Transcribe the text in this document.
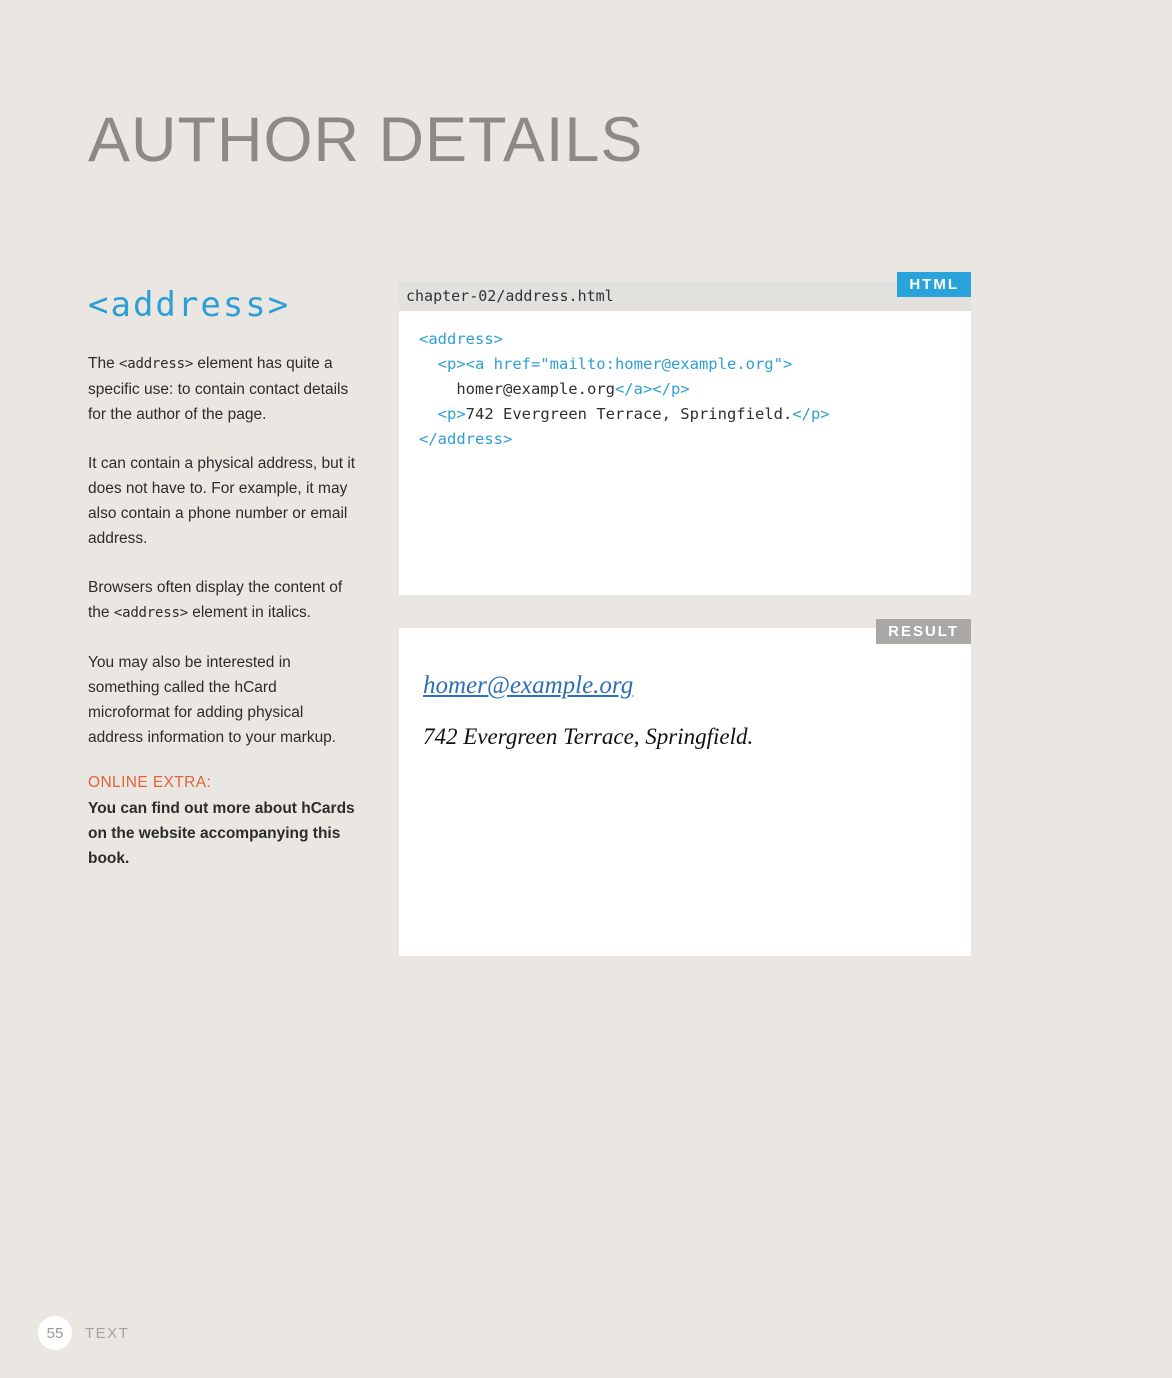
AUTHOR DETAILS
<address>

The <address> element has quite a specific use: to contain contact details for the author of the page.

It can contain a physical address, but it does not have to. For example, it may also contain a phone number or email address.

Browsers often display the content of the <address> element in italics.

You may also be interested in something called the hCard microformat for adding physical address information to your markup.

ONLINE EXTRA:

You can find out more about hCards on the website accompanying this book.

chapter-02/address.html
HTML
<address>
<p><a href="mailto:homer@example.org">
homer@example.org</a></p>
<p>742 Evergreen Terrace, Springfield.</p>
</address>
RESULT
homer@example.org

742 Evergreen Terrace, Springfield.

55	TEXT
